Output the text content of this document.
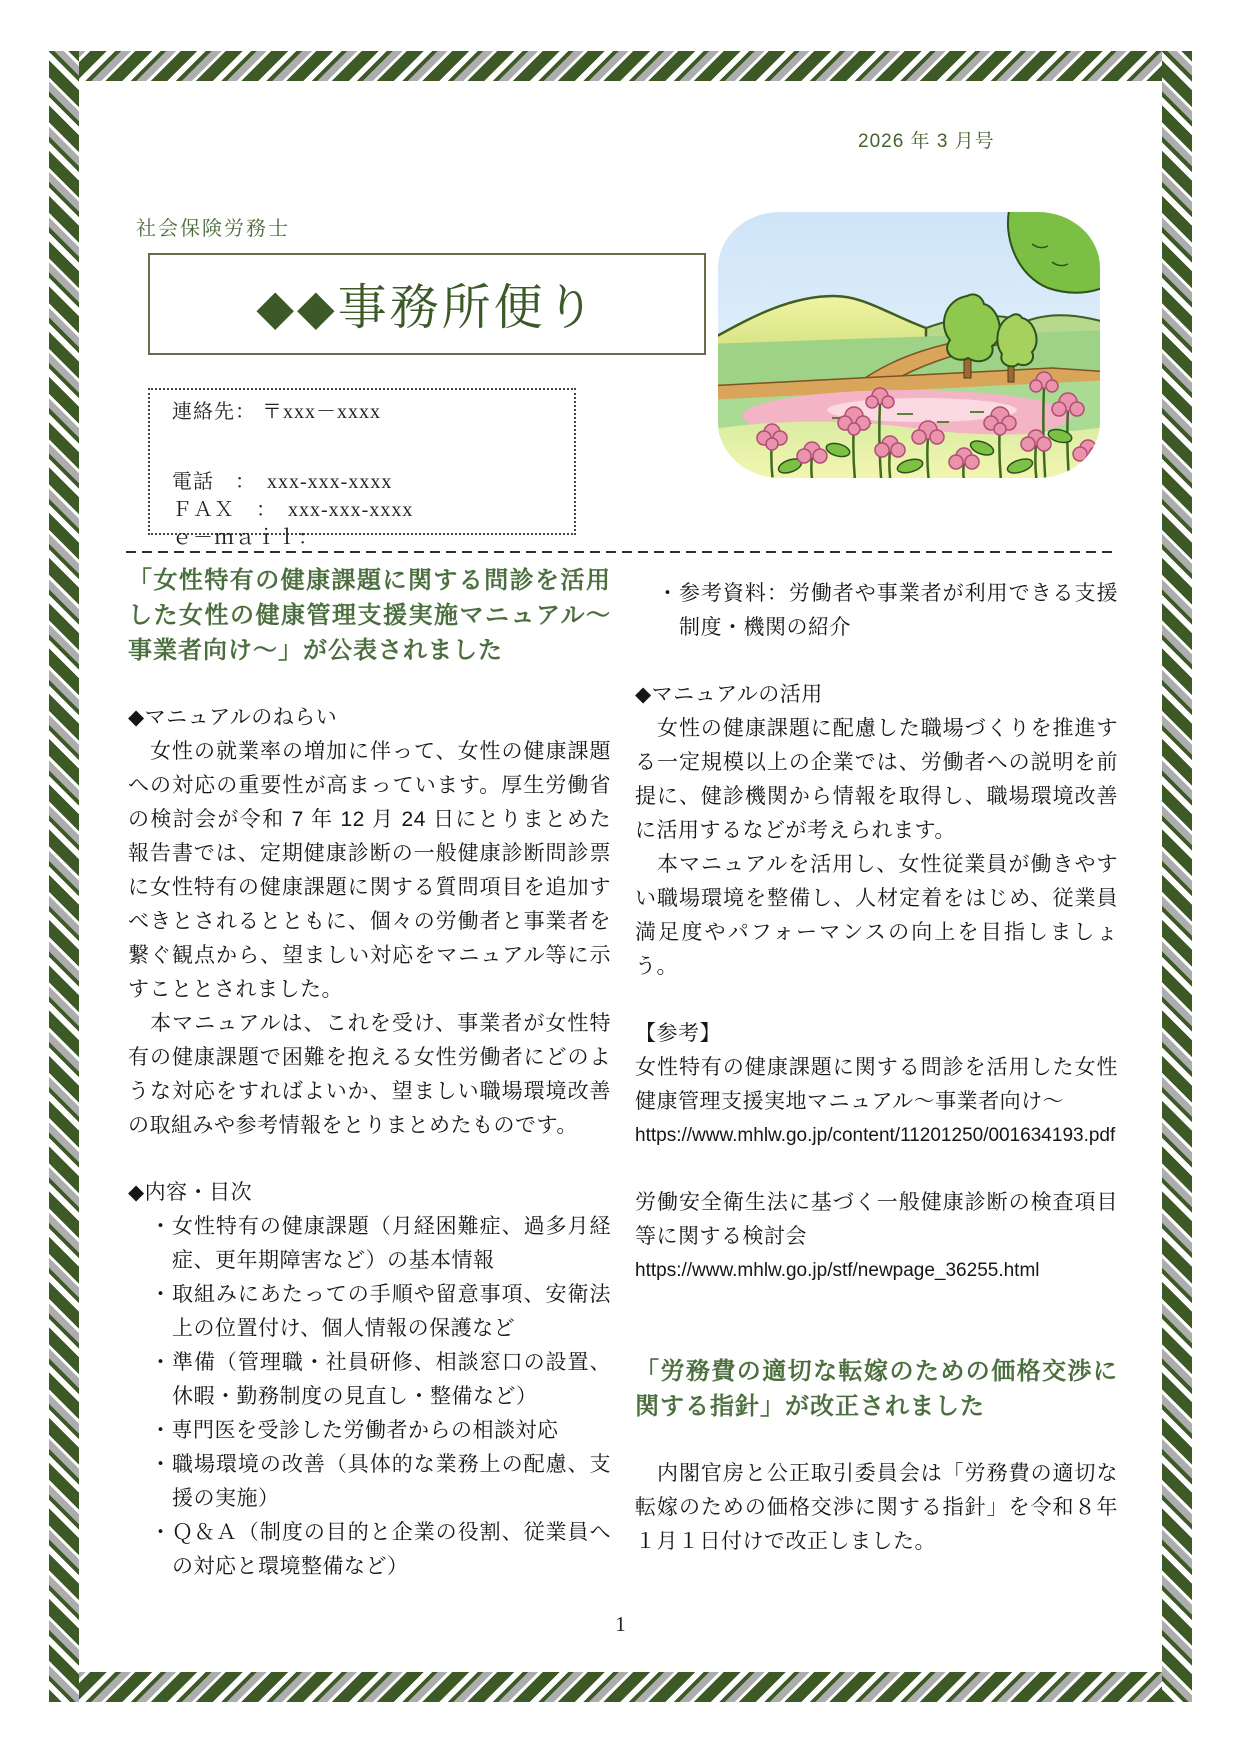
2026 年 3 月号
社会保険労務士
◆◆事務所便り
連絡先： 〒xxx－xxxx
電話　：　xxx-xxx-xxxx
ＦＡＸ　：　xxx-xxx-xxxx
ｅ－ｍａｉｌ：
「女性特有の健康課題に関する問診を活用した女性の健康管理支援実施マニュアル～事業者向け～」が公表されました
◆マニュアルのねらい
　女性の就業率の増加に伴って、女性の健康課題への対応の重要性が高まっています。厚生労働省の検討会が令和 7 年 12 月 24 日にとりまとめた報告書では、定期健康診断の一般健康診断問診票に女性特有の健康課題に関する質問項目を追加すべきとされるとともに、個々の労働者と事業者を繋ぐ観点から、望ましい対応をマニュアル等に示すこととされました。
　本マニュアルは、これを受け、事業者が女性特有の健康課題で困難を抱える女性労働者にどのような対応をすればよいか、望ましい職場環境改善の取組みや参考情報をとりまとめたものです。
◆内容・目次
・女性特有の健康課題（月経困難症、過多月経症、更年期障害など）の基本情報
・取組みにあたっての手順や留意事項、安衛法上の位置付け、個人情報の保護など
・準備（管理職・社員研修、相談窓口の設置、休暇・勤務制度の見直し・整備など）
・専門医を受診した労働者からの相談対応
・職場環境の改善（具体的な業務上の配慮、支援の実施）
・Ｑ＆Ａ（制度の目的と企業の役割、従業員への対応と環境整備など）
・参考資料：労働者や事業者が利用できる支援制度・機関の紹介
◆マニュアルの活用
　女性の健康課題に配慮した職場づくりを推進する一定規模以上の企業では、労働者への説明を前提に、健診機関から情報を取得し、職場環境改善に活用するなどが考えられます。
　本マニュアルを活用し、女性従業員が働きやすい職場環境を整備し、人材定着をはじめ、従業員満足度やパフォーマンスの向上を目指しましょう。
【参考】
女性特有の健康課題に関する問診を活用した女性健康管理支援実地マニュアル～事業者向け～
https://www.mhlw.go.jp/content/11201250/001634193.pdf
労働安全衛生法に基づく一般健康診断の検査項目等に関する検討会
https://www.mhlw.go.jp/stf/newpage_36255.html
「労務費の適切な転嫁のための価格交渉に関する指針」が改正されました
　内閣官房と公正取引委員会は「労務費の適切な転嫁のための価格交渉に関する指針」を令和８年１月１日付けで改正しました。
1
